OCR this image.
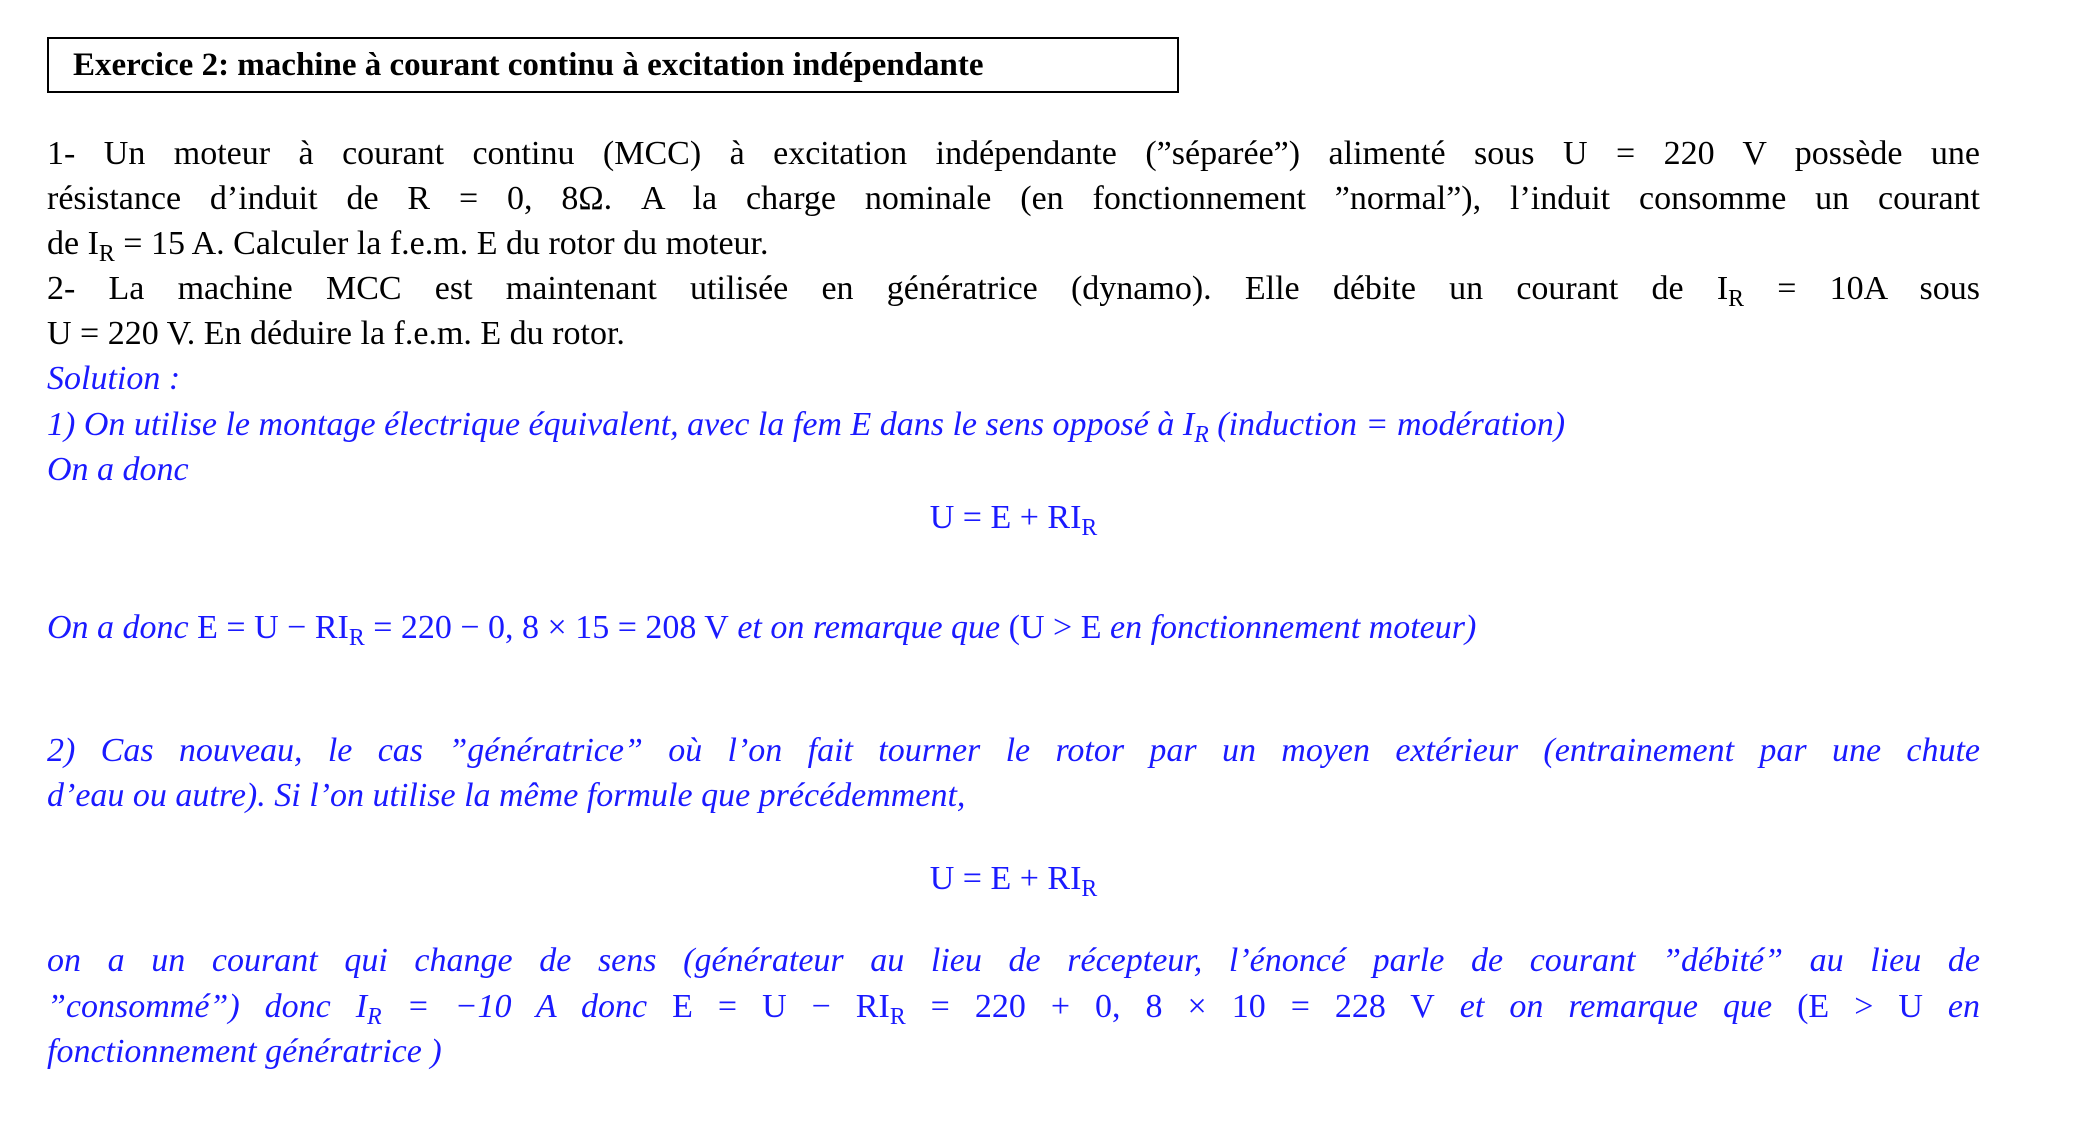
Exercice 2: machine à courant continu à excitation indépendante
1- Un moteur à courant continu (MCC) à excitation indépendante (”séparée”) alimenté sous U = 220 V possède une
résistance d’induit de R = 0, 8Ω. A la charge nominale (en fonctionnement ”normal”), l’induit consomme un courant
de $I_R = 15$ A. Calculer la f.e.m. E du rotor du moteur.
2- La machine MCC est maintenant utilisée en génératrice (dynamo). Elle débite un courant de $I_R = 10A$ sous
U = 220 V. En déduire la f.e.m. E du rotor.
Solution :
1) On utilise le montage électrique équivalent, avec la fem E dans le sens opposé à $I_R$ (induction = modération)
On a donc
$U = E + RI_R$
On a donc $E = U - RI_R = 220 - 0$, 8 × 15 = 208 V et on remarque que (U > E en fonctionnement moteur)
2) Cas nouveau, le cas ”génératrice” où l’on fait tourner le rotor par un moyen extérieur (entrainement par une chute
d’eau ou autre). Si l’on utilise la même formule que précédemment,
$U = E + RI_R$
on a un courant qui change de sens (générateur au lieu de récepteur, l’énoncé parle de courant ”débité” au lieu de
”consommé”) donc $I_R = -10$ A donc $E = U - RI_R = 220 + 0$, 8 × 10 = 228 V et on remarque que (E > U en
fonctionnement génératrice )
